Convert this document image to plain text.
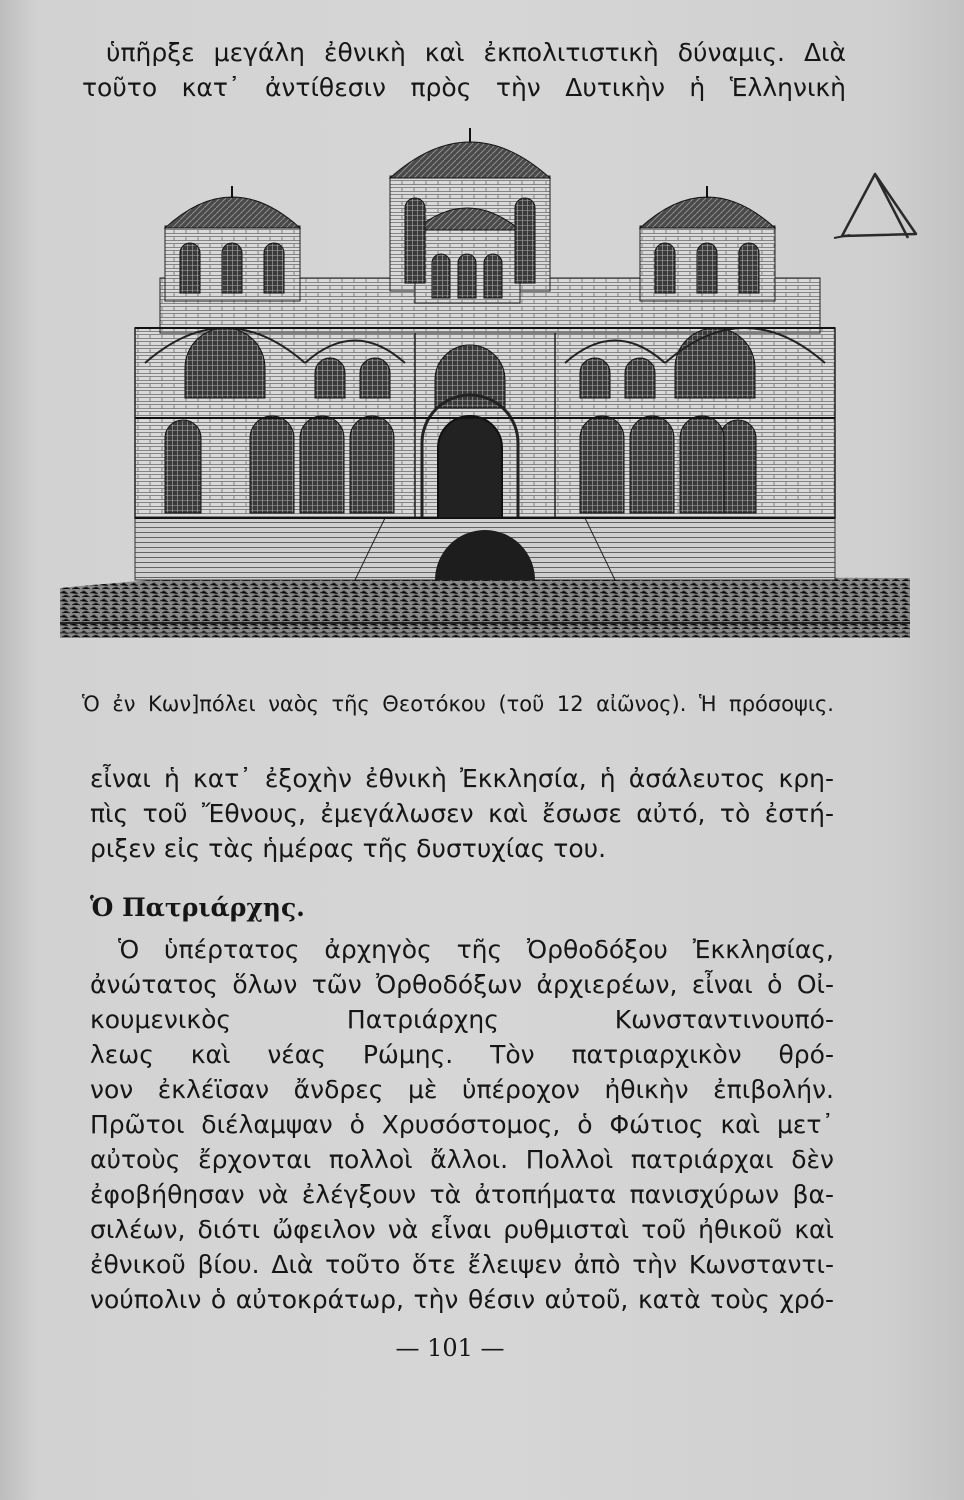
ὑπῆρξε μεγάλη ἐθνικὴ καὶ ἐκπολιτιστικὴ δύναμις. Διὰ
τοῦτο κατ᾽ ἀντίθεσιν πρὸς τὴν Δυτικὴν ἡ Ἑλληνικὴ
Ὁ ἐν Κων]πόλει ναὸς τῆς Θεοτόκου (τοῦ 12 αἰῶνος). Ἡ πρόσοψις.
εἶναι ἡ κατ᾽ ἐξοχὴν ἐθνικὴ Ἐκκλησία, ἡ ἀσάλευτος κρη-
πὶς τοῦ Ἔθνους, ἐμεγάλωσεν καὶ ἔσωσε αὐτό, τὸ ἐστή-
ριξεν εἰς τὰς ἡμέρας τῆς δυστυχίας του.
Ὁ Πατριάρχης.
Ὁ ὑπέρτατος ἀρχηγὸς τῆς Ὀρθοδόξου Ἐκκλησίας,
ἀνώτατος ὅλων τῶν Ὀρθοδόξων ἀρχιερέων, εἶναι ὁ Οἰ-
κουμενικὸς Πατριάρχης Κωνσταντινουπό-
λεως καὶ νέας Ρώμης. Τὸν πατριαρχικὸν θρό-
νον ἐκλέϊσαν ἄνδρες μὲ ὑπέροχον ἠθικὴν ἐπιβολήν.
Πρῶτοι διέλαμψαν ὁ Χρυσόστομος, ὁ Φώτιος καὶ μετ᾽
αὐτοὺς ἔρχονται πολλοὶ ἄλλοι. Πολλοὶ πατριάρχαι δὲν
ἐφοβήθησαν νὰ ἐλέγξουν τὰ ἀτοπήματα πανισχύρων βα-
σιλέων, διότι ὤφειλον νὰ εἶναι ρυθμισταὶ τοῦ ἠθικοῦ καὶ
ἐθνικοῦ βίου. Διὰ τοῦτο ὅτε ἔλειψεν ἀπὸ τὴν Κωνσταντι-
νούπολιν ὁ αὐτοκράτωρ, τὴν θέσιν αὐτοῦ, κατὰ τοὺς χρό-
— 101 —
